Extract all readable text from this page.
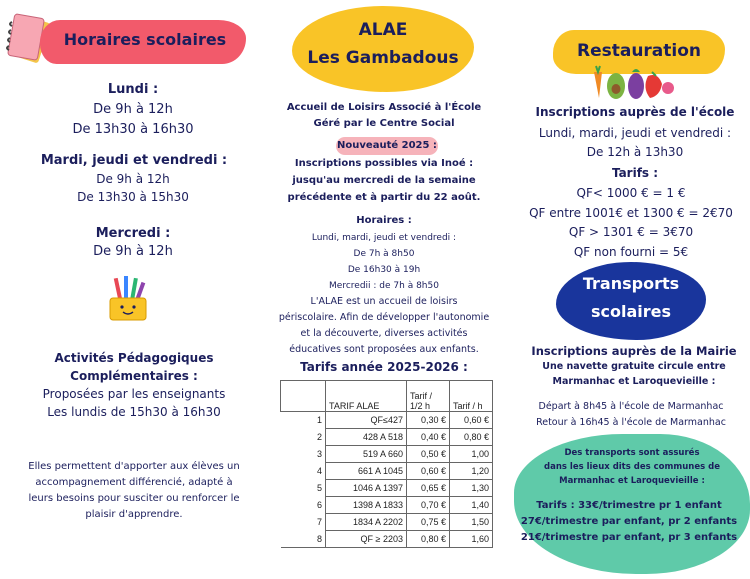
Horaires scolaires
Lundi :
De 9h à 12h
De 13h30 à 16h30
Mardi, jeudi et vendredi :
De 9h à 12h
De 13h30 à 15h30
Mercredi :
De 9h à 12h
Activités Pédagogiques
Complémentaires :
Proposées par les enseignants
Les lundis de 15h30 à 16h30
Elles permettent d'apporter aux élèves un
accompagnement différencié, adapté à
leurs besoins pour susciter ou renforcer le
plaisir d'apprendre.
ALAE
Les Gambadous
Accueil de Loisirs Associé à l'École
Géré par le Centre Social
Nouveauté 2025 :
Inscriptions possibles via Inoé :
jusqu'au mercredi de la semaine
précédente et à partir du 22 août.
Horaires :
Lundi, mardi, jeudi et vendredi :
De 7h à 8h50
De 16h30 à 19h
Mercredii : de 7h à 8h50
L'ALAE est un accueil de loisirs
périscolaire. Afin de développer l'autonomie
et la découverte, diverses activités
éducatives sont proposées aux enfants.
Tarifs année 2025-2026 :
	TARIF ALAE	Tarif / 1/2 h	Tarif / h
1	QF≤427	0,30 €	0,60 €
2	428 A 518	0,40 €	0,80 €
3	519 A 660	0,50 €	1,00
4	661 A 1045	0,60 €	1,20
5	1046 A 1397	0,65 €	1,30
6	1398 A 1833	0,70 €	1,40
7	1834 A 2202	0,75 €	1,50
8	QF ≥ 2203	0,80 €	1,60
Restauration
Inscriptions auprès de l'école
Lundi, mardi, jeudi et vendredi :
De 12h à 13h30
Tarifs :
QF< 1000 € = 1 €
QF entre 1001€ et 1300 € = 2€70
QF > 1301 € = 3€70
QF non fourni = 5€
Transports
scolaires
Inscriptions auprès de la Mairie
Une navette gratuite circule entre
Marmanhac et Laroquevieille :
Départ à 8h45 à l'école de Marmanhac
Retour à 16h45 à l'école de Marmanhac
Des transports sont assurés
dans les lieux dits des communes de
Marmanhac et Laroquevieille :
Tarifs : 33€/trimestre pr 1 enfant
27€/trimestre par enfant, pr 2 enfants
21€/trimestre par enfant, pr 3 enfants
